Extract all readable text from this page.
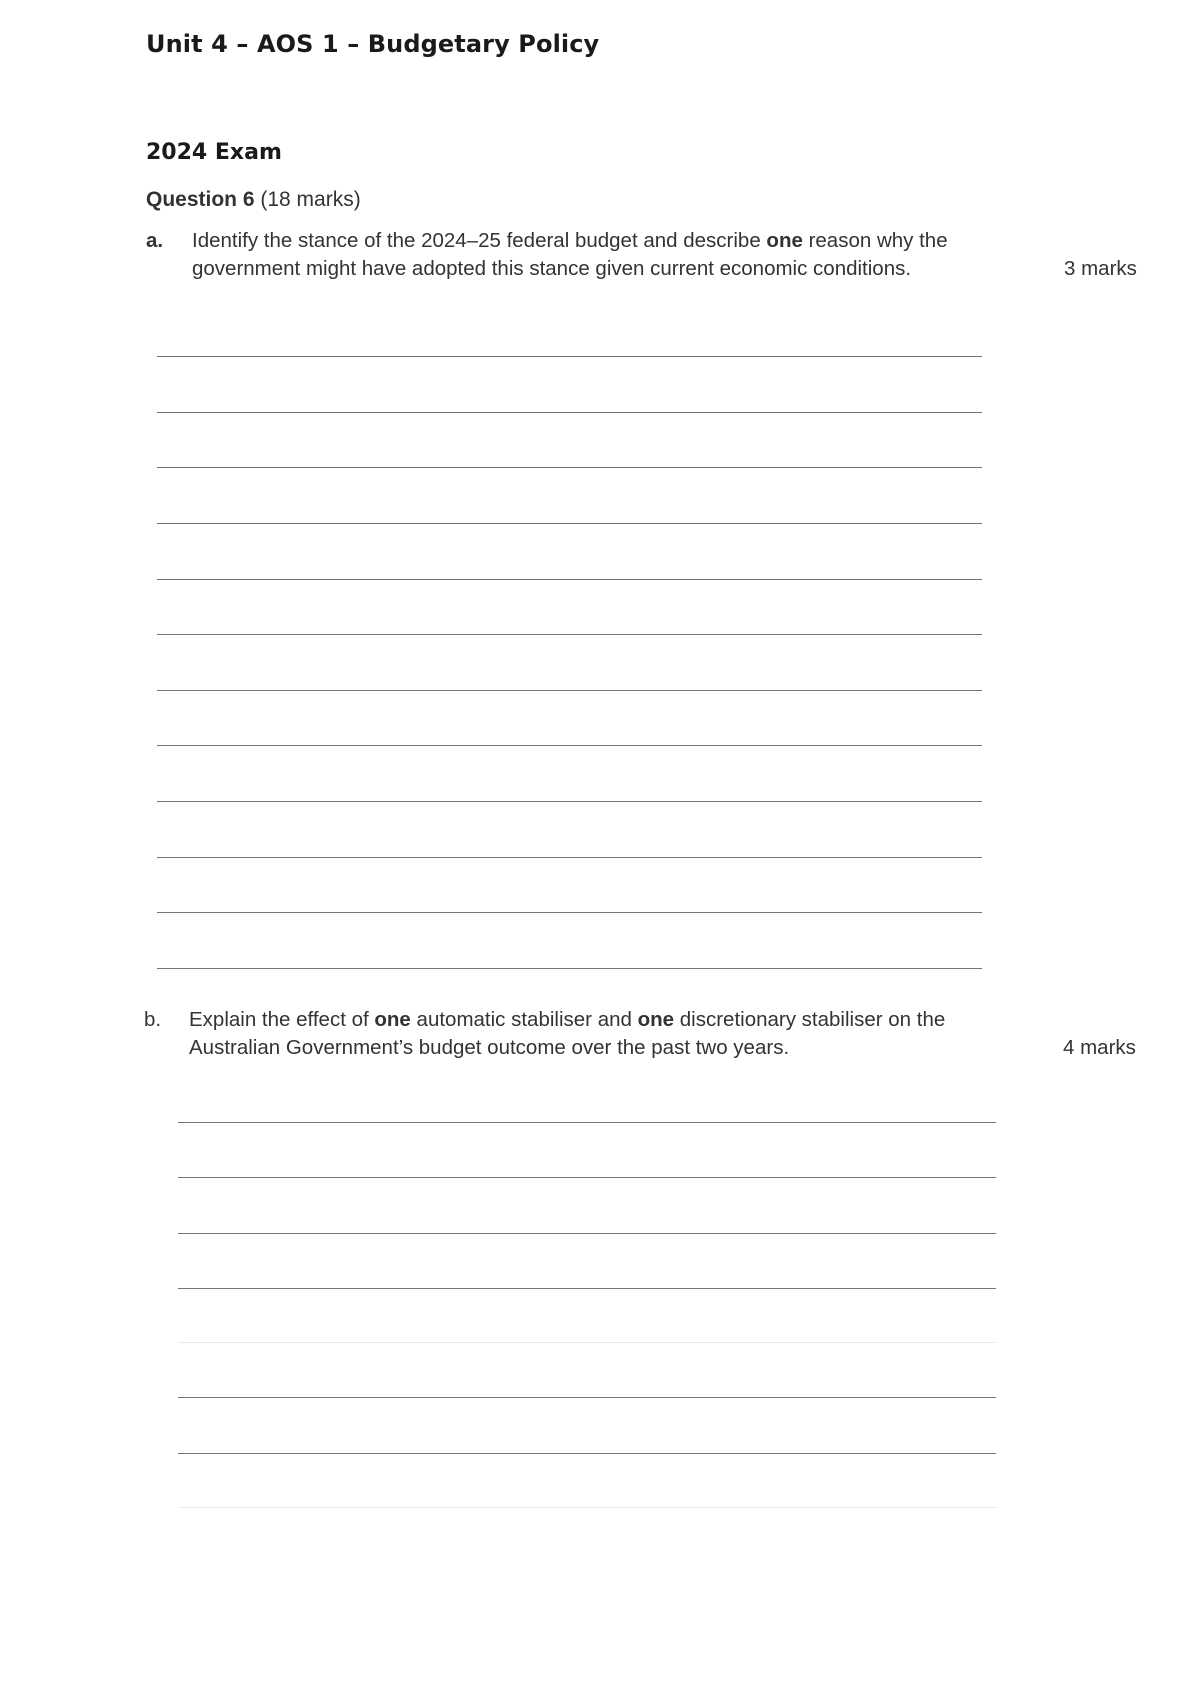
Unit 4 – AOS 1 – Budgetary Policy
2024 Exam

Question 6 (18 marks)

a. Identify the stance of the 2024–25 federal budget and describe one reason why the government might have adopted this stance given current economic conditions.	3 marks
b. Explain the effect of one automatic stabiliser and one discretionary stabiliser on the Australian Government’s budget outcome over the past two years.	4 marks
